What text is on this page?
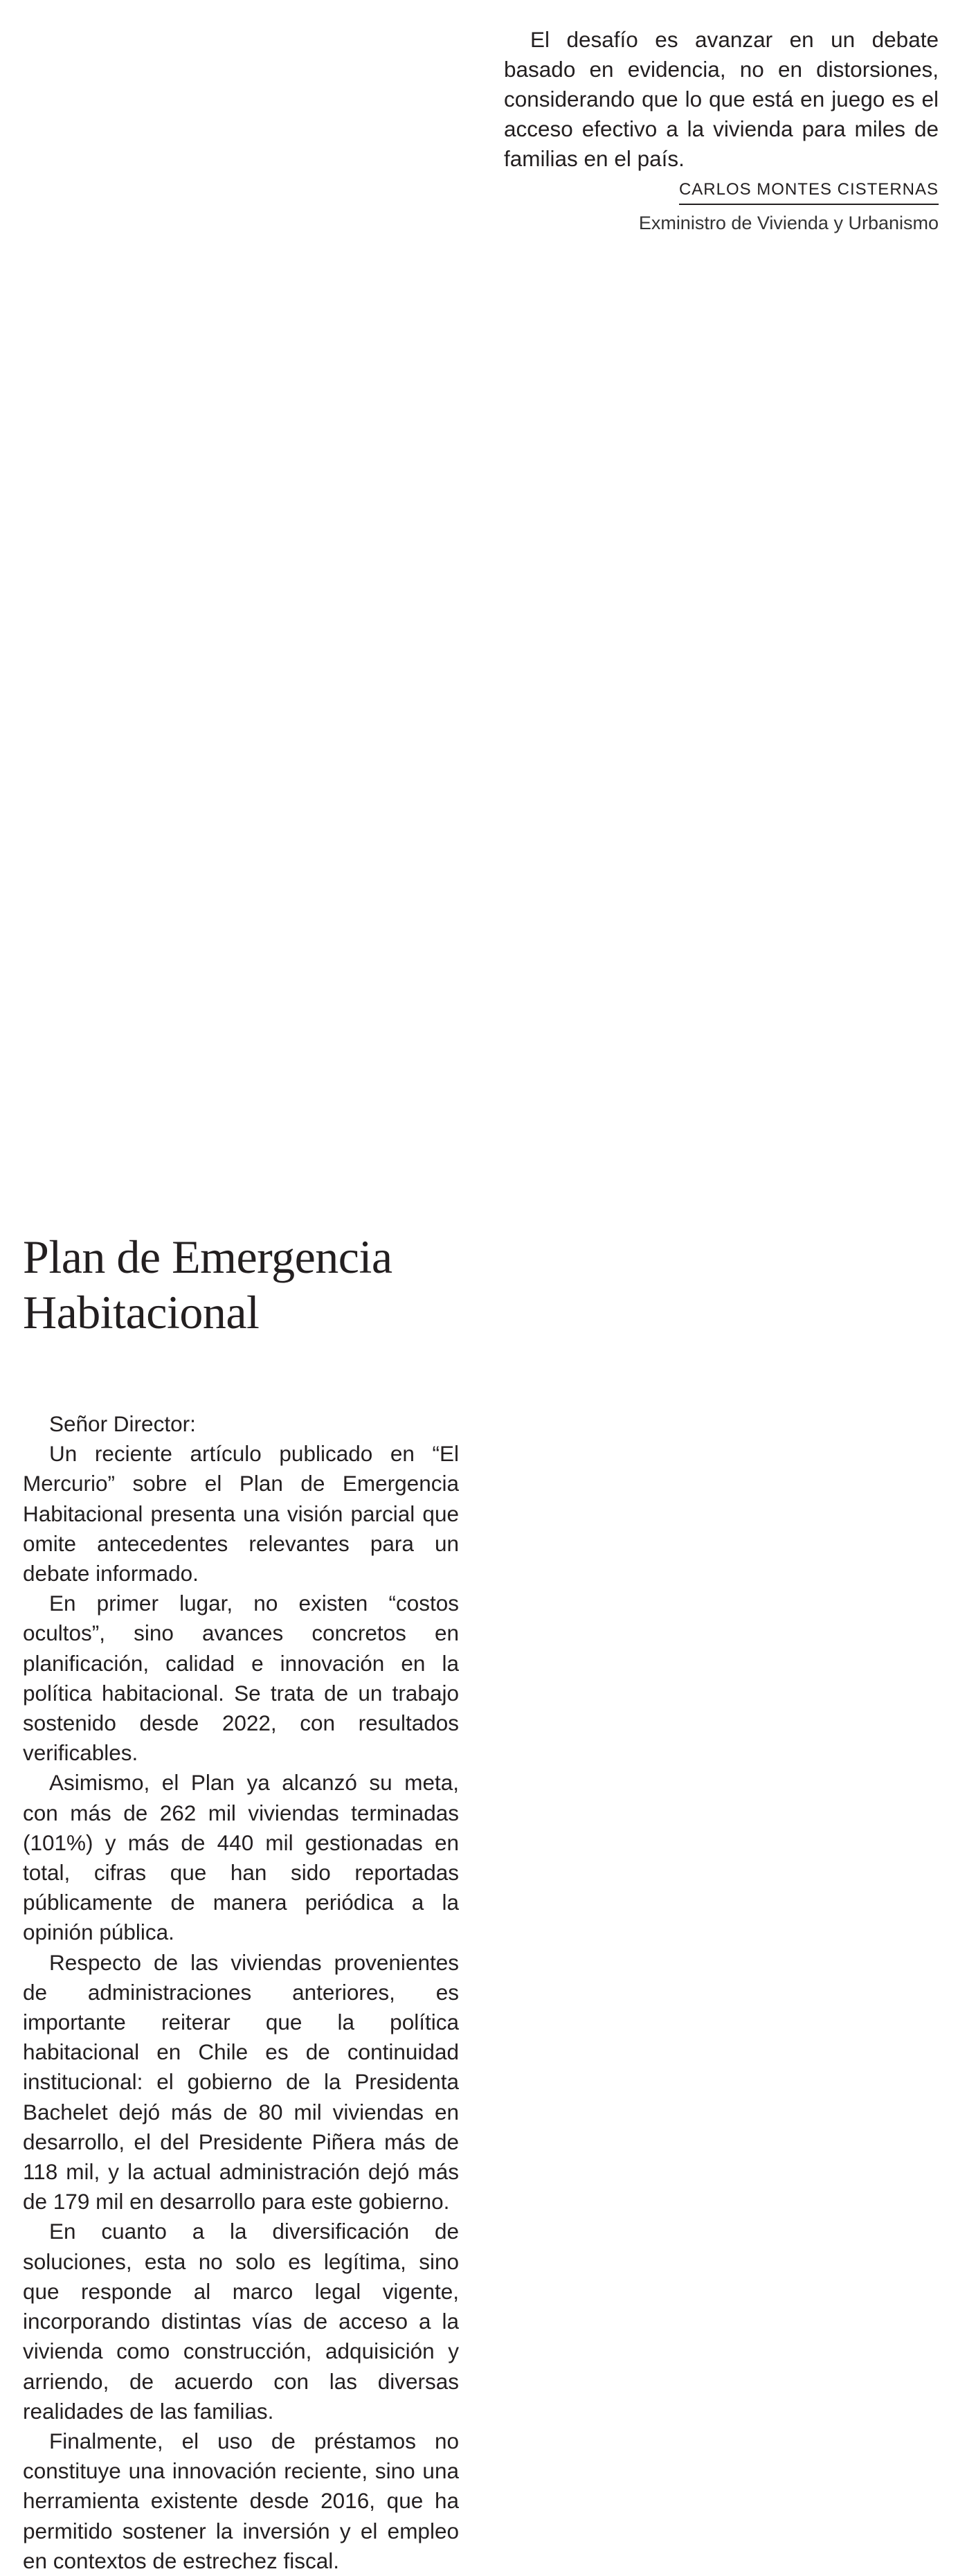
El desafío es avanzar en un debate basado en evidencia, no en distorsiones, considerando que lo que está en juego es el acceso efectivo a la vivienda para miles de familias en el país.

CARLOS MONTES CISTERNAS
Exministro de Vivienda y Urbanismo
Plan de Emergencia
Habitacional

Señor Director:

Un reciente artículo publicado en “El Mercurio” sobre el Plan de Emergencia Habitacional presenta una visión parcial que omite antecedentes relevantes para un debate informado.

En primer lugar, no existen “costos ocultos”, sino avances concretos en planificación, calidad e innovación en la política habitacional. Se trata de un trabajo sostenido desde 2022, con resultados verificables.

Asimismo, el Plan ya alcanzó su meta, con más de 262 mil viviendas terminadas (101%) y más de 440 mil gestionadas en total, cifras que han sido reportadas públicamente de manera periódica a la opinión pública.

Respecto de las viviendas provenientes de administraciones anteriores, es importante reiterar que la política habitacional en Chile es de continuidad institucional: el gobierno de la Presidenta Bachelet dejó más de 80 mil viviendas en desarrollo, el del Presidente Piñera más de 118 mil, y la actual administración dejó más de 179 mil en desarrollo para este gobierno.

En cuanto a la diversificación de soluciones, esta no solo es legítima, sino que responde al marco legal vigente, incorporando distintas vías de acceso a la vivienda como construcción, adquisición y arriendo, de acuerdo con las diversas realidades de las familias.

Finalmente, el uso de préstamos no constituye una innovación reciente, sino una herramienta existente desde 2016, que ha permitido sostener la inversión y el empleo en contextos de estrechez fiscal.
